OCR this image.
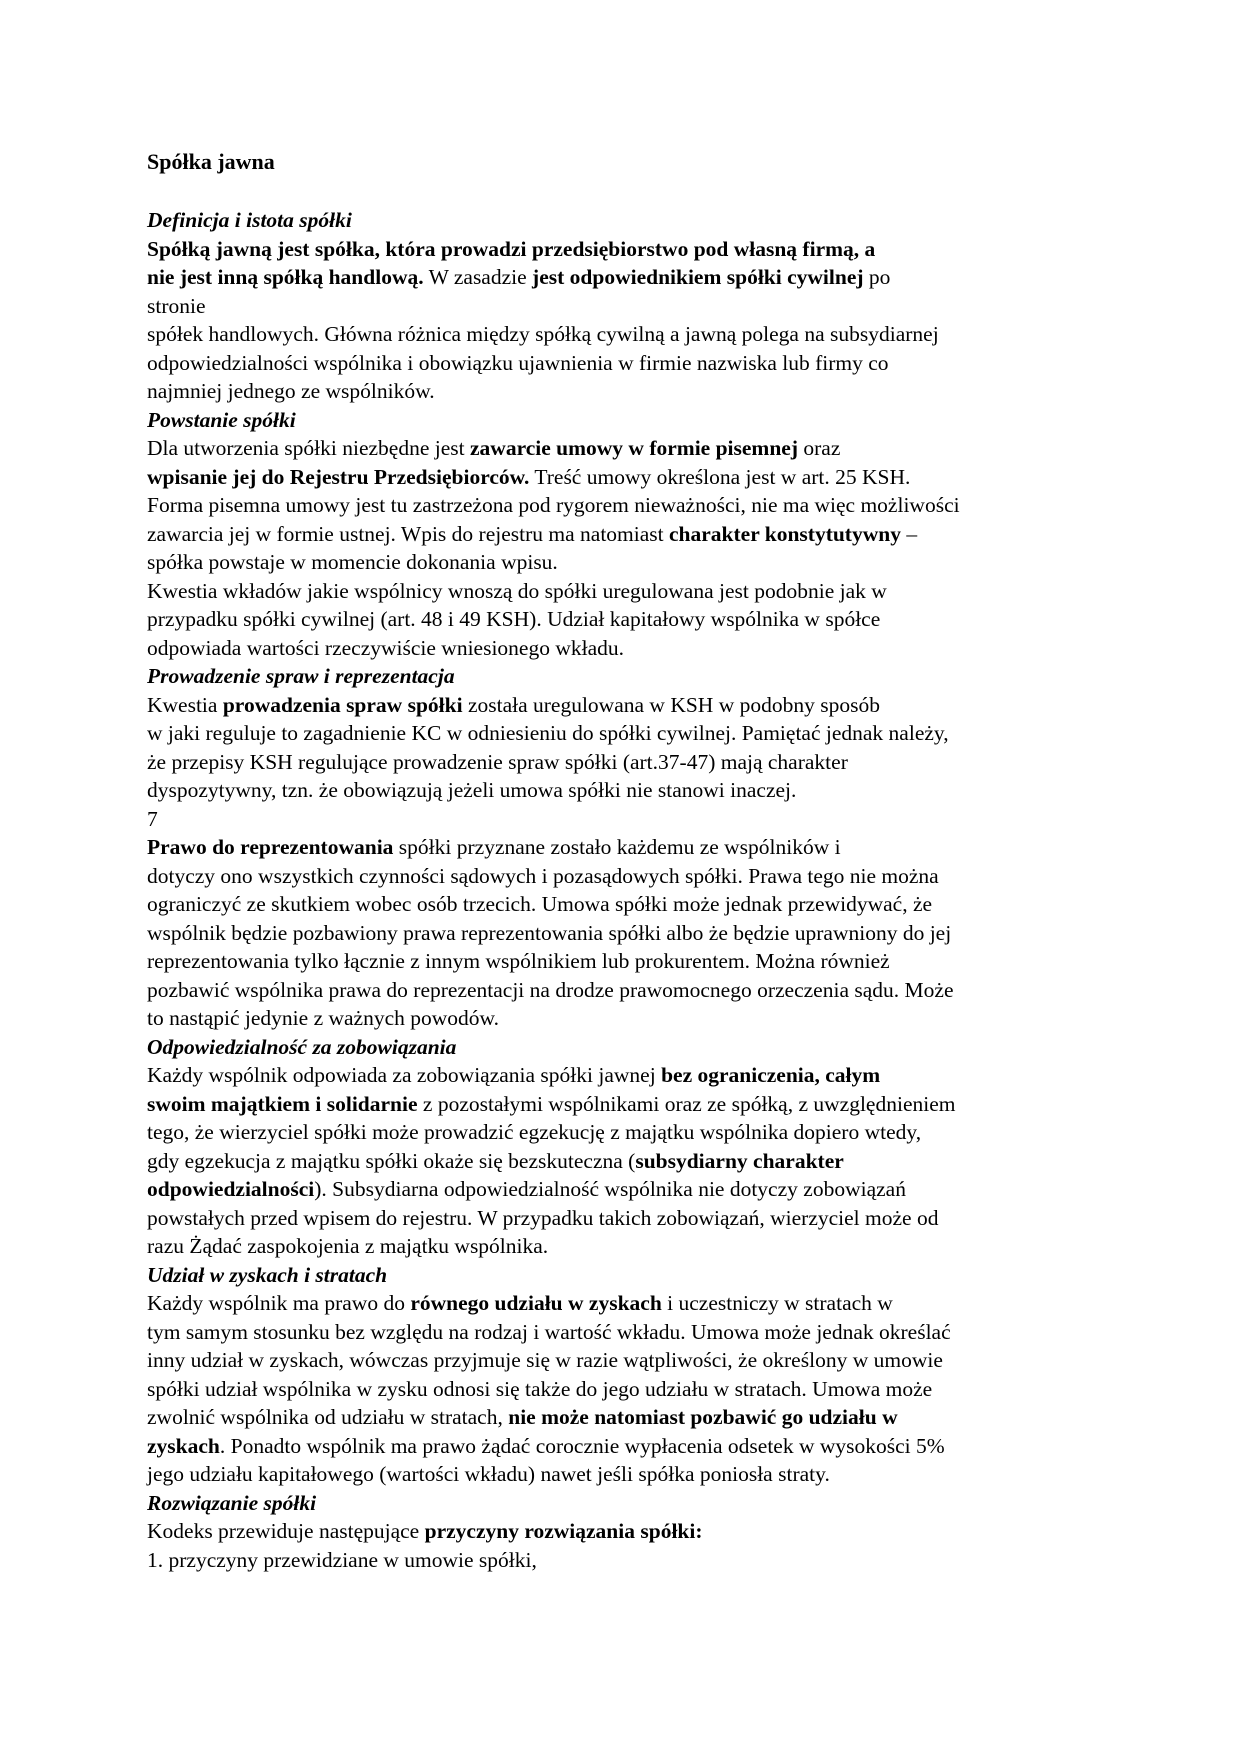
Spółka jawna
Definicja i istota spółki
Spółką jawną jest spółka, która prowadzi przedsiębiorstwo pod własną firmą, a
nie jest inną spółką handlową. W zasadzie jest odpowiednikiem spółki cywilnej po
stronie
spółek handlowych. Główna różnica między spółką cywilną a jawną polega na subsydiarnej
odpowiedzialności wspólnika i obowiązku ujawnienia w firmie nazwiska lub firmy co
najmniej jednego ze wspólników.
Powstanie spółki
Dla utworzenia spółki niezbędne jest zawarcie umowy w formie pisemnej oraz
wpisanie jej do Rejestru Przedsiębiorców. Treść umowy określona jest w art. 25 KSH.
Forma pisemna umowy jest tu zastrzeżona pod rygorem nieważności, nie ma więc możliwości
zawarcia jej w formie ustnej. Wpis do rejestru ma natomiast charakter konstytutywny –
spółka powstaje w momencie dokonania wpisu.
Kwestia wkładów jakie wspólnicy wnoszą do spółki uregulowana jest podobnie jak w
przypadku spółki cywilnej (art. 48 i 49 KSH). Udział kapitałowy wspólnika w spółce
odpowiada wartości rzeczywiście wniesionego wkładu.
Prowadzenie spraw i reprezentacja
Kwestia prowadzenia spraw spółki została uregulowana w KSH w podobny sposób
w jaki reguluje to zagadnienie KC w odniesieniu do spółki cywilnej. Pamiętać jednak należy,
że przepisy KSH regulujące prowadzenie spraw spółki (art.37-47) mają charakter
dyspozytywny, tzn. że obowiązują jeżeli umowa spółki nie stanowi inaczej.
7
Prawo do reprezentowania spółki przyznane zostało każdemu ze wspólników i
dotyczy ono wszystkich czynności sądowych i pozasądowych spółki. Prawa tego nie można
ograniczyć ze skutkiem wobec osób trzecich. Umowa spółki może jednak przewidywać, że
wspólnik będzie pozbawiony prawa reprezentowania spółki albo że będzie uprawniony do jej
reprezentowania tylko łącznie z innym wspólnikiem lub prokurentem. Można również
pozbawić wspólnika prawa do reprezentacji na drodze prawomocnego orzeczenia sądu. Może
to nastąpić jedynie z ważnych powodów.
Odpowiedzialność za zobowiązania
Każdy wspólnik odpowiada za zobowiązania spółki jawnej bez ograniczenia, całym
swoim majątkiem i solidarnie z pozostałymi wspólnikami oraz ze spółką, z uwzględnieniem
tego, że wierzyciel spółki może prowadzić egzekucję z majątku wspólnika dopiero wtedy,
gdy egzekucja z majątku spółki okaże się bezskuteczna (subsydiarny charakter
odpowiedzialności). Subsydiarna odpowiedzialność wspólnika nie dotyczy zobowiązań
powstałych przed wpisem do rejestru. W przypadku takich zobowiązań, wierzyciel może od
razu Żądać zaspokojenia z majątku wspólnika.
Udział w zyskach i stratach
Każdy wspólnik ma prawo do równego udziału w zyskach i uczestniczy w stratach w
tym samym stosunku bez względu na rodzaj i wartość wkładu. Umowa może jednak określać
inny udział w zyskach, wówczas przyjmuje się w razie wątpliwości, że określony w umowie
spółki udział wspólnika w zysku odnosi się także do jego udziału w stratach. Umowa może
zwolnić wspólnika od udziału w stratach, nie może natomiast pozbawić go udziału w
zyskach. Ponadto wspólnik ma prawo żądać corocznie wypłacenia odsetek w wysokości 5%
jego udziału kapitałowego (wartości wkładu) nawet jeśli spółka poniosła straty.
Rozwiązanie spółki
Kodeks przewiduje następujące przyczyny rozwiązania spółki:
1. przyczyny przewidziane w umowie spółki,
